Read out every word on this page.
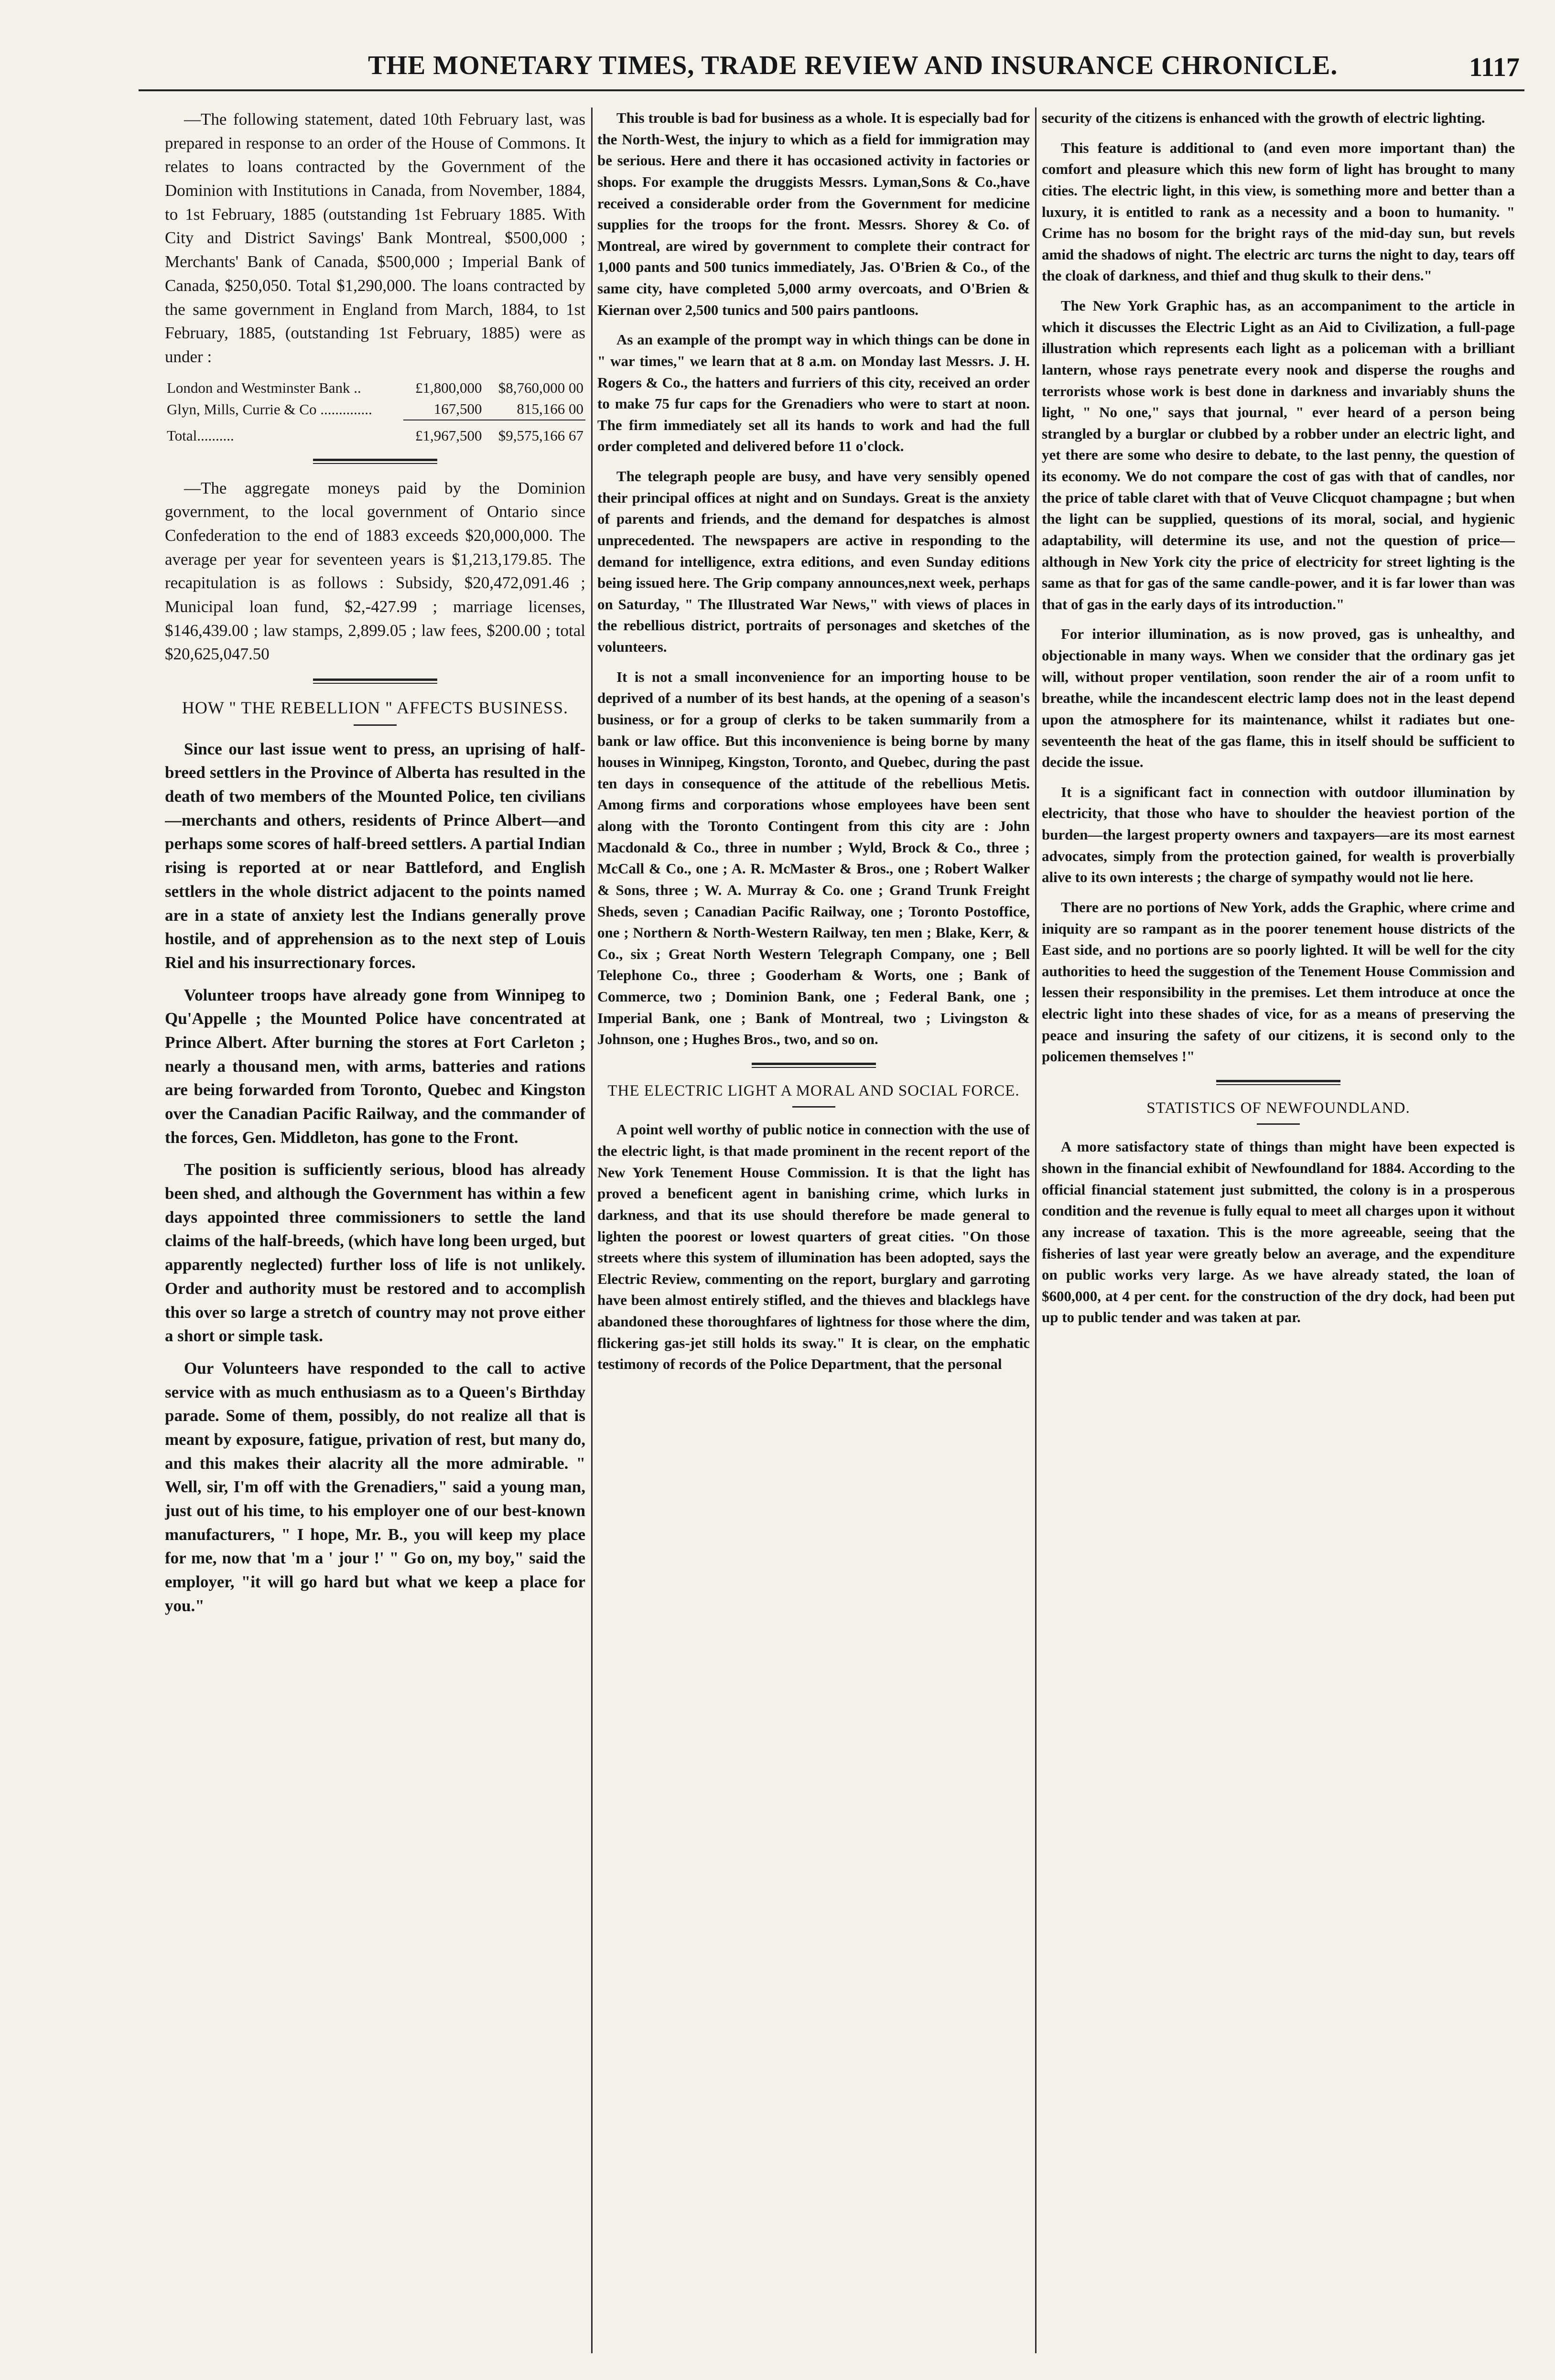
THE MONETARY TIMES, TRADE REVIEW AND INSURANCE CHRONICLE.	1117

—The following statement, dated 10th February last, was prepared in response to an order of the House of Commons. It relates to loans contracted by the Government of the Dominion with Institutions in Canada, from November, 1884, to 1st February, 1885 (outstanding 1st February 1885. With City and District Savings' Bank Montreal, $500,000 ; Merchants' Bank of Canada, $500,000 ; Imperial Bank of Canada, $250,050. Total $1,290,000. The loans contracted by the same government in England from March, 1884, to 1st February, 1885, (outstanding 1st February, 1885) were as under :

London and Westminster Bank ..	£1,800,000	$8,760,000 00
Glyn, Mills, Currie & Co ..............	167,500	815,166 00
Total..........	£1,967,500	$9,575,166 67

—The aggregate moneys paid by the Dominion government, to the local government of Ontario since Confederation to the end of 1883 exceeds $20,000,000. The average per year for seventeen years is $1,213,179.85. The recapitulation is as follows : Subsidy, $20,472,091.46 ; Municipal loan fund, $2,-427.99 ; marriage licenses, $146,439.00 ; law stamps, 2,899.05 ; law fees, $200.00 ; total $20,625,047.50

HOW " THE REBELLION " AFFECTS BUSINESS.

Since our last issue went to press, an uprising of half-breed settlers in the Province of Alberta has resulted in the death of two members of the Mounted Police, ten civilians—merchants and others, residents of Prince Albert—and perhaps some scores of half-breed settlers. A partial Indian rising is reported at or near Battleford, and English settlers in the whole district adjacent to the points named are in a state of anxiety lest the Indians generally prove hostile, and of apprehension as to the next step of Louis Riel and his insurrectionary forces.

Volunteer troops have already gone from Winnipeg to Qu'Appelle ; the Mounted Police have concentrated at Prince Albert. After burning the stores at Fort Carleton ; nearly a thousand men, with arms, batteries and rations are being forwarded from Toronto, Quebec and Kingston over the Canadian Pacific Railway, and the commander of the forces, Gen. Middleton, has gone to the Front.

The position is sufficiently serious, blood has already been shed, and although the Government has within a few days appointed three commissioners to settle the land claims of the half-breeds, (which have long been urged, but apparently neglected) further loss of life is not unlikely. Order and authority must be restored and to accomplish this over so large a stretch of country may not prove either a short or simple task.

Our Volunteers have responded to the call to active service with as much enthusiasm as to a Queen's Birthday parade. Some of them, possibly, do not realize all that is meant by exposure, fatigue, privation of rest, but many do, and this makes their alacrity all the more admirable. " Well, sir, I'm off with the Grenadiers," said a young man, just out of his time, to his employer one of our best-known manufacturers, " I hope, Mr. B., you will keep my place for me, now that 'm a ' jour !' " Go on, my boy," said the employer, "it will go hard but what we keep a place for you."

This trouble is bad for business as a whole. It is especially bad for the North-West, the injury to which as a field for immigration may be serious. Here and there it has occasioned activity in factories or shops. For example the druggists Messrs. Lyman,Sons & Co.,have received a considerable order from the Government for medicine supplies for the troops for the front. Messrs. Shorey & Co. of Montreal, are wired by government to complete their contract for 1,000 pants and 500 tunics immediately, Jas. O'Brien & Co., of the same city, have completed 5,000 army overcoats, and O'Brien & Kiernan over 2,500 tunics and 500 pairs pantloons.

As an example of the prompt way in which things can be done in " war times," we learn that at 8 a.m. on Monday last Messrs. J. H. Rogers & Co., the hatters and furriers of this city, received an order to make 75 fur caps for the Grenadiers who were to start at noon. The firm immediately set all its hands to work and had the full order completed and delivered before 11 o'clock.

The telegraph people are busy, and have very sensibly opened their principal offices at night and on Sundays. Great is the anxiety of parents and friends, and the demand for despatches is almost unprecedented. The newspapers are active in responding to the demand for intelligence, extra editions, and even Sunday editions being issued here. The Grip company announces,next week, perhaps on Saturday, " The Illustrated War News," with views of places in the rebellious district, portraits of personages and sketches of the volunteers.

It is not a small inconvenience for an importing house to be deprived of a number of its best hands, at the opening of a season's business, or for a group of clerks to be taken summarily from a bank or law office. But this inconvenience is being borne by many houses in Winnipeg, Kingston, Toronto, and Quebec, during the past ten days in consequence of the attitude of the rebellious Metis. Among firms and corporations whose employees have been sent along with the Toronto Contingent from this city are : John Macdonald & Co., three in number ; Wyld, Brock & Co., three ; McCall & Co., one ; A. R. McMaster & Bros., one ; Robert Walker & Sons, three ; W. A. Murray & Co. one ; Grand Trunk Freight Sheds, seven ; Canadian Pacific Railway, one ; Toronto Postoffice, one ; Northern & North-Western Railway, ten men ; Blake, Kerr, & Co., six ; Great North Western Telegraph Company, one ; Bell Telephone Co., three ; Gooderham & Worts, one ; Bank of Commerce, two ; Dominion Bank, one ; Federal Bank, one ; Imperial Bank, one ; Bank of Montreal, two ; Livingston & Johnson, one ; Hughes Bros., two, and so on.

THE ELECTRIC LIGHT A MORAL AND SOCIAL FORCE.

A point well worthy of public notice in connection with the use of the electric light, is that made prominent in the recent report of the New York Tenement House Commission. It is that the light has proved a beneficent agent in banishing crime, which lurks in darkness, and that its use should therefore be made general to lighten the poorest or lowest quarters of great cities. "On those streets where this system of illumination has been adopted, says the Electric Review, commenting on the report, burglary and garroting have been almost entirely stifled, and the thieves and blacklegs have abandoned these thoroughfares of lightness for those where the dim, flickering gas-jet still holds its sway." It is clear, on the emphatic testimony of records of the Police Department, that the personal

security of the citizens is enhanced with the growth of electric lighting.

This feature is additional to (and even more important than) the comfort and pleasure which this new form of light has brought to many cities. The electric light, in this view, is something more and better than a luxury, it is entitled to rank as a necessity and a boon to humanity. " Crime has no bosom for the bright rays of the mid-day sun, but revels amid the shadows of night. The electric arc turns the night to day, tears off the cloak of darkness, and thief and thug skulk to their dens."

The New York Graphic has, as an accompaniment to the article in which it discusses the Electric Light as an Aid to Civilization, a full-page illustration which represents each light as a policeman with a brilliant lantern, whose rays penetrate every nook and disperse the roughs and terrorists whose work is best done in darkness and invariably shuns the light, " No one," says that journal, " ever heard of a person being strangled by a burglar or clubbed by a robber under an electric light, and yet there are some who desire to debate, to the last penny, the question of its economy. We do not compare the cost of gas with that of candles, nor the price of table claret with that of Veuve Clicquot champagne ; but when the light can be supplied, questions of its moral, social, and hygienic adaptability, will determine its use, and not the question of price—although in New York city the price of electricity for street lighting is the same as that for gas of the same candle-power, and it is far lower than was that of gas in the early days of its introduction."

For interior illumination, as is now proved, gas is unhealthy, and objectionable in many ways. When we consider that the ordinary gas jet will, without proper ventilation, soon render the air of a room unfit to breathe, while the incandescent electric lamp does not in the least depend upon the atmosphere for its maintenance, whilst it radiates but one-seventeenth the heat of the gas flame, this in itself should be sufficient to decide the issue.

It is a significant fact in connection with outdoor illumination by electricity, that those who have to shoulder the heaviest portion of the burden—the largest property owners and taxpayers—are its most earnest advocates, simply from the protection gained, for wealth is proverbially alive to its own interests ; the charge of sympathy would not lie here.

There are no portions of New York, adds the Graphic, where crime and iniquity are so rampant as in the poorer tenement house districts of the East side, and no portions are so poorly lighted. It will be well for the city authorities to heed the suggestion of the Tenement House Commission and lessen their responsibility in the premises. Let them introduce at once the electric light into these shades of vice, for as a means of preserving the peace and insuring the safety of our citizens, it is second only to the policemen themselves !"

STATISTICS OF NEWFOUNDLAND.

A more satisfactory state of things than might have been expected is shown in the financial exhibit of Newfoundland for 1884. According to the official financial statement just submitted, the colony is in a prosperous condition and the revenue is fully equal to meet all charges upon it without any increase of taxation. This is the more agreeable, seeing that the fisheries of last year were greatly below an average, and the expenditure on public works very large. As we have already stated, the loan of $600,000, at 4 per cent. for the construction of the dry dock, had been put up to public tender and was taken at par.
